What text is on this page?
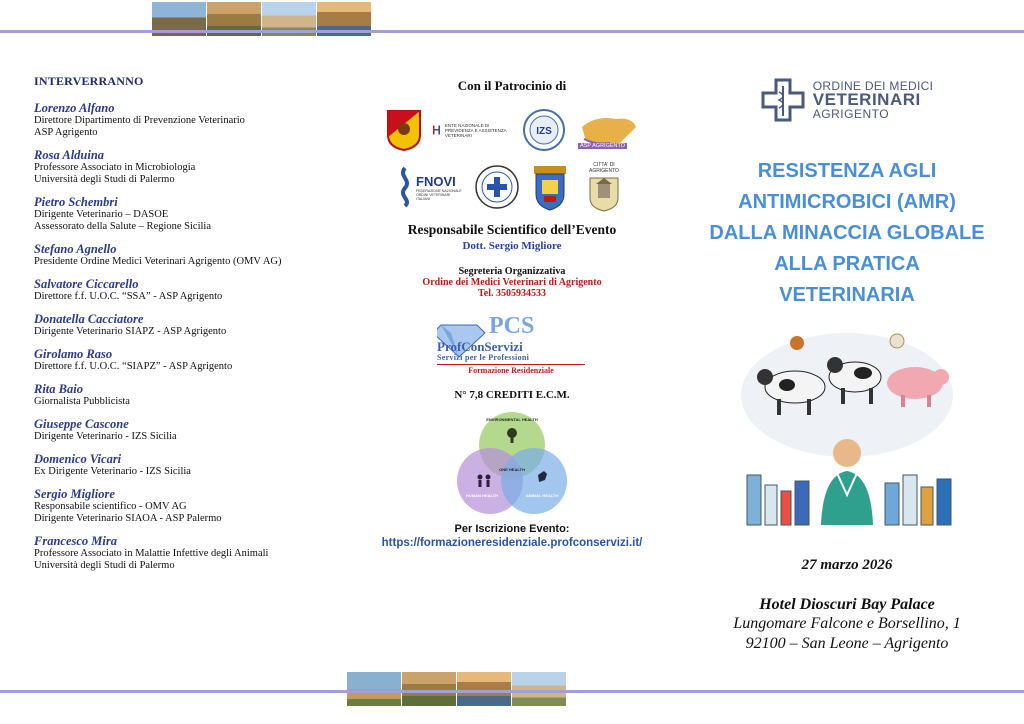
INTERVERRANNO
Lorenzo Alfano
Direttore Dipartimento di Prevenzione Veterinario
ASP Agrigento
Rosa Alduina
Professore Associato in Microbiologia
Università degli Studi di Palermo
Pietro Schembri
Dirigente Veterinario – DASOE
Assessorato della Salute – Regione Sicilia
Stefano Agnello
Presidente Ordine Medici Veterinari Agrigento (OMV AG)
Salvatore Ciccarello
Direttore f.f. U.O.C. “SSA” - ASP Agrigento
Donatella Cacciatore
Dirigente Veterinario SIAPZ - ASP Agrigento
Girolamo Raso
Direttore f.f. U.O.C. “SIAPZ” - ASP Agrigento
Rita Baio
Giornalista Pubblicista
Giuseppe Cascone
Dirigente Veterinario - IZS Sicilia
Domenico Vicari
Ex Dirigente Veterinario - IZS Sicilia
Sergio Migliore
Responsabile scientifico - OMV AG
Dirigente Veterinario SIAOA - ASP Palermo
Francesco Mira
Professore Associato in Malattie Infettive degli Animali
Università degli Studi di Palermo
Con il Patrocinio di
ENTE NAZIONALE DI PREVIDENZA E ASSISTENZA VETERINARI	IZS
ASP AGRIGENTO
FNOVI
FEDERAZIONE NAZIONALE ORDINI VETERINARI ITALIANI
CITTA' DI AGRIGENTO
Responsabile Scientifico dell’Evento
Dott. Sergio Migliore
Segreteria Organizzativa
Ordine dei Medici Veterinari di Agrigento
Tel. 3505934533
PCS
ProfConServizi
Servizi per le Professioni
Formazione Residenziale
N° 7,8 CREDITI E.C.M.
ENVIRONMENTAL HEALTH
HUMAN HEALTH	ANIMAL HEALTH
ONE HEALTH
Per Iscrizione Evento:
https://formazioneresidenziale.profconservizi.it/
ORDINE DEI MEDICI
VETERINARI
AGRIGENTO
RESISTENZA AGLI
ANTIMICROBICI (AMR)
DALLA MINACCIA GLOBALE
ALLA PRATICA
VETERINARIA
27 marzo 2026
Hotel Dioscuri Bay Palace
Lungomare Falcone e Borsellino, 1
92100 – San Leone – Agrigento
